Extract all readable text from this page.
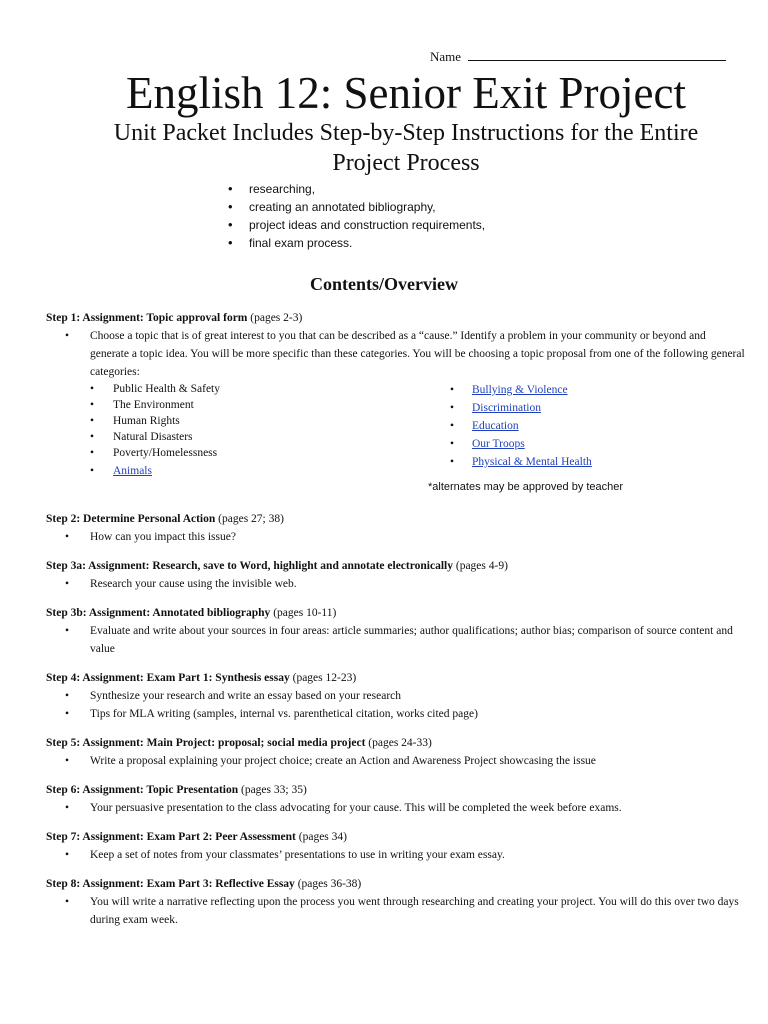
Name
English 12: Senior Exit Project
Unit Packet Includes Step-by-Step Instructions for the Entire Project Process
• researching,
• creating an annotated bibliography,
• project ideas and construction requirements,
• final exam process.
Contents/Overview
Step 1: Assignment: Topic approval form (pages 2-3)
• Choose a topic that is of great interest to you that can be described as a “cause.” Identify a problem in your community or beyond and generate a topic idea. You will be more specific than these categories. You will be choosing a topic proposal from one of the following general categories:
• Public Health & Safety
• The Environment
• Human Rights
• Natural Disasters
• Poverty/Homelessness
• Animals
• Bullying & Violence
• Discrimination
• Education
• Our Troops
• Physical & Mental Health
*alternates may be approved by teacher
Step 2: Determine Personal Action (pages 27; 38)
• How can you impact this issue?
Step 3a: Assignment: Research, save to Word, highlight and annotate electronically (pages 4-9)
• Research your cause using the invisible web.
Step 3b: Assignment: Annotated bibliography (pages 10-11)
• Evaluate and write about your sources in four areas: article summaries; author qualifications; author bias; comparison of source content and value
Step 4: Assignment: Exam Part 1: Synthesis essay (pages 12-23)
• Synthesize your research and write an essay based on your research
• Tips for MLA writing (samples, internal vs. parenthetical citation, works cited page)
Step 5: Assignment: Main Project: proposal; social media project (pages 24-33)
• Write a proposal explaining your project choice; create an Action and Awareness Project showcasing the issue
Step 6: Assignment: Topic Presentation (pages 33; 35)
• Your persuasive presentation to the class advocating for your cause. This will be completed the week before exams.
Step 7: Assignment: Exam Part 2: Peer Assessment (pages 34)
• Keep a set of notes from your classmates’ presentations to use in writing your exam essay.
Step 8: Assignment: Exam Part 3: Reflective Essay (pages 36-38)
• You will write a narrative reflecting upon the process you went through researching and creating your project. You will do this over two days during exam week.
